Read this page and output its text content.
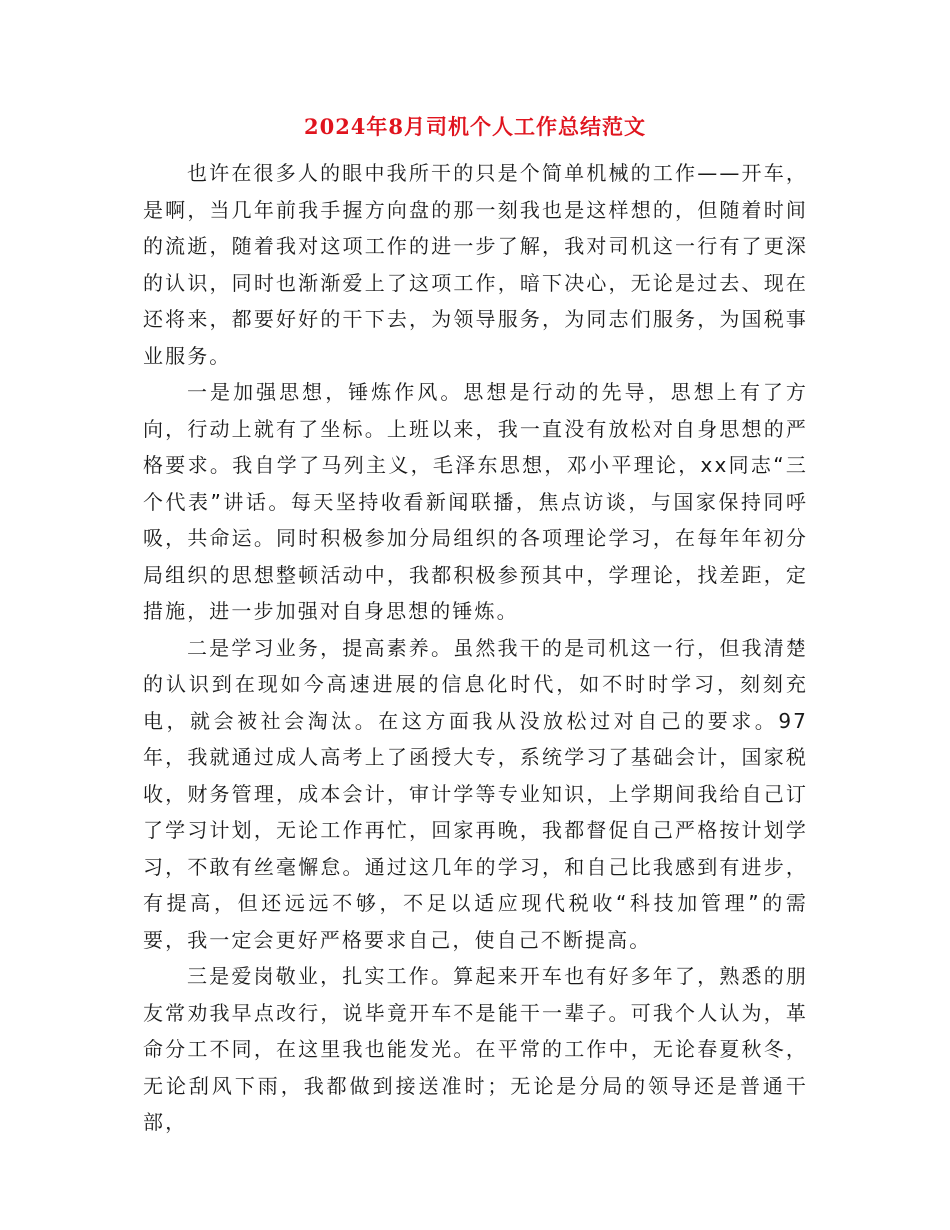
2024年8月司机个人工作总结范文

也许在很多人的眼中我所干的只是个简单机械的工作——开车，是啊，当几年前我手握方向盘的那一刻我也是这样想的，但随着时间的流逝，随着我对这项工作的进一步了解，我对司机这一行有了更深的认识，同时也渐渐爱上了这项工作，暗下决心，无论是过去、现在还将来，都要好好的干下去，为领导服务，为同志们服务，为国税事业服务。

一是加强思想，锤炼作风。思想是行动的先导，思想上有了方向，行动上就有了坐标。上班以来，我一直没有放松对自身思想的严格要求。我自学了马列主义，毛泽东思想，邓小平理论，xx同志“三个代表”讲话。每天坚持收看新闻联播，焦点访谈，与国家保持同呼吸，共命运。同时积极参加分局组织的各项理论学习，在每年年初分局组织的思想整顿活动中，我都积极参预其中，学理论，找差距，定措施，进一步加强对自身思想的锤炼。

二是学习业务，提高素养。虽然我干的是司机这一行，但我清楚的认识到在现如今高速进展的信息化时代，如不时时学习，刻刻充电，就会被社会淘汰。在这方面我从没放松过对自己的要求。97年，我就通过成人高考上了函授大专，系统学习了基础会计，国家税收，财务管理，成本会计，审计学等专业知识，上学期间我给自己订了学习计划，无论工作再忙，回家再晚，我都督促自己严格按计划学习，不敢有丝毫懈怠。通过这几年的学习，和自己比我感到有进步，有提高，但还远远不够，不足以适应现代税收“科技加管理”的需要，我一定会更好严格要求自己，使自己不断提高。

三是爱岗敬业，扎实工作。算起来开车也有好多年了，熟悉的朋友常劝我早点改行，说毕竟开车不是能干一辈子。可我个人认为，革命分工不同，在这里我也能发光。在平常的工作中，无论春夏秋冬，无论刮风下雨，我都做到接送准时；无论是分局的领导还是普通干部，
